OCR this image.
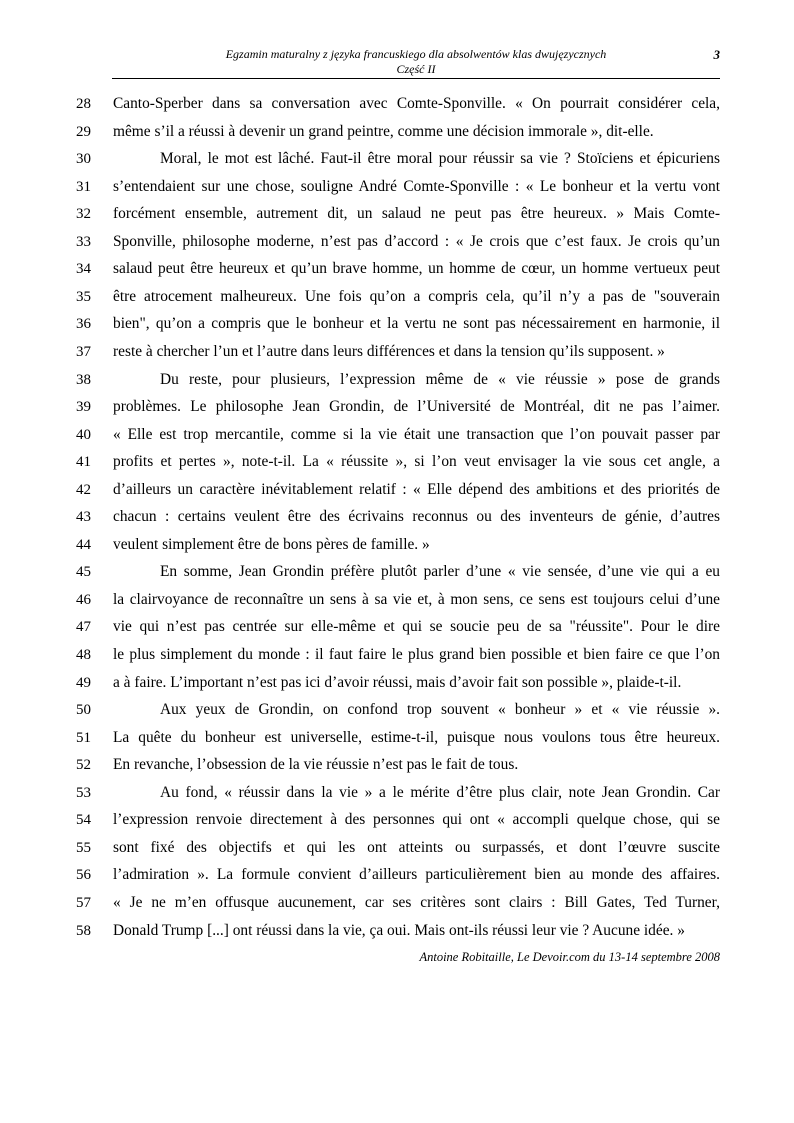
Egzamin maturalny z języka francuskiego dla absolwentów klas dwujęzycznych
Część II
3
28	Canto-Sperber dans sa conversation avec Comte-Sponville. « On pourrait considérer cela,
29	même s’il a réussi à devenir un grand peintre, comme une décision immorale », dit-elle.
30	Moral, le mot est lâché. Faut-il être moral pour réussir sa vie ? Stoïciens et épicuriens
31	s’entendaient sur une chose, souligne André Comte-Sponville : « Le bonheur et la vertu vont
32	forcément ensemble, autrement dit, un salaud ne peut pas être heureux. » Mais Comte-
33	Sponville, philosophe moderne, n’est pas d’accord : « Je crois que c’est faux. Je crois qu’un
34	salaud peut être heureux et qu’un brave homme, un homme de cœur, un homme vertueux peut
35	être atrocement malheureux. Une fois qu’on a compris cela, qu’il n’y a pas de "souverain
36	bien", qu’on a compris que le bonheur et la vertu ne sont pas nécessairement en harmonie, il
37	reste à chercher l’un et l’autre dans leurs différences et dans la tension qu’ils supposent. »
38	Du reste, pour plusieurs, l’expression même de « vie réussie » pose de grands
39	problèmes. Le philosophe Jean Grondin, de l’Université de Montréal, dit ne pas l’aimer.
40	« Elle est trop mercantile, comme si la vie était une transaction que l’on pouvait passer par
41	profits et pertes », note-t-il. La « réussite », si l’on veut envisager la vie sous cet angle, a
42	d’ailleurs un caractère inévitablement relatif : « Elle dépend des ambitions et des priorités de
43	chacun : certains veulent être des écrivains reconnus ou des inventeurs de génie, d’autres
44	veulent simplement être de bons pères de famille. »
45	En somme, Jean Grondin préfère plutôt parler d’une « vie sensée, d’une vie qui a eu
46	la clairvoyance de reconnaître un sens à sa vie et, à mon sens, ce sens est toujours celui d’une
47	vie qui n’est pas centrée sur elle-même et qui se soucie peu de sa "réussite". Pour le dire
48	le plus simplement du monde : il faut faire le plus grand bien possible et bien faire ce que l’on
49	a à faire. L’important n’est pas ici d’avoir réussi, mais d’avoir fait son possible », plaide-t-il.
50	Aux yeux de Grondin, on confond trop souvent « bonheur » et « vie réussie ».
51	La quête du bonheur est universelle, estime-t-il, puisque nous voulons tous être heureux.
52	En revanche, l’obsession de la vie réussie n’est pas le fait de tous.
53	Au fond, « réussir dans la vie » a le mérite d’être plus clair, note Jean Grondin. Car
54	l’expression renvoie directement à des personnes qui ont « accompli quelque chose, qui se
55	sont fixé des objectifs et qui les ont atteints ou surpassés, et dont l’œuvre suscite
56	l’admiration ». La formule convient d’ailleurs particulièrement bien au monde des affaires.
57	« Je ne m’en offusque aucunement, car ses critères sont clairs : Bill Gates, Ted Turner,
58	Donald Trump [...] ont réussi dans la vie, ça oui. Mais ont-ils réussi leur vie ? Aucune idée. »
Antoine Robitaille, Le Devoir.com du 13-14 septembre 2008
